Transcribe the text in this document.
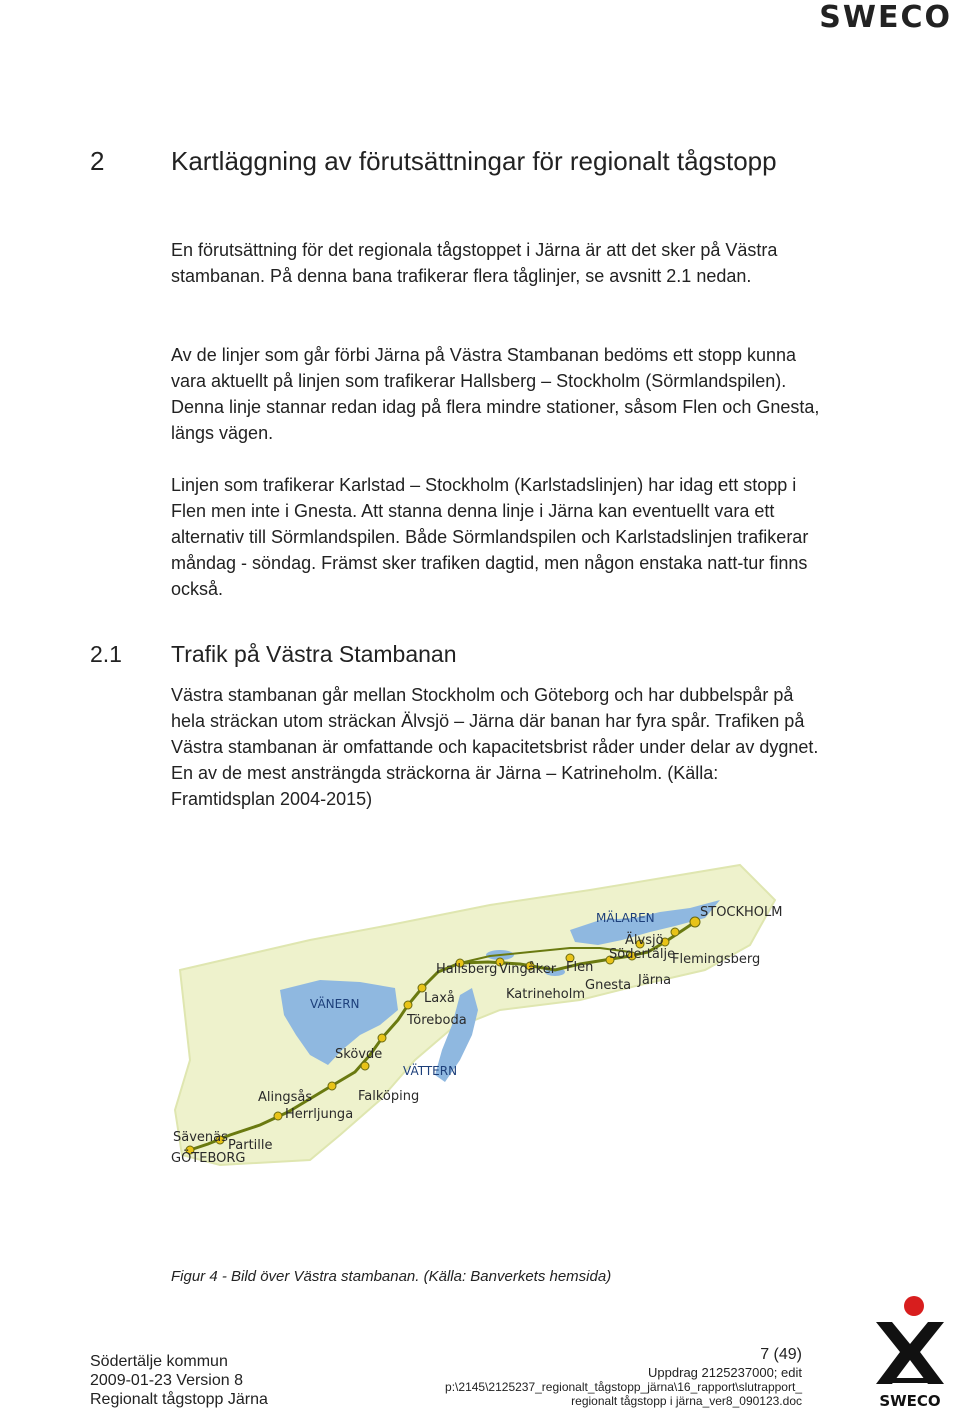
SWECO
2	Kartläggning av förutsättningar för regionalt tågstopp
En förutsättning för det regionala tågstoppet i Järna är att det sker på Västra stambanan. På denna bana trafikerar flera tåglinjer, se avsnitt 2.1 nedan.
Av de linjer som går förbi Järna på Västra Stambanan bedöms ett stopp kunna vara aktuellt på linjen som trafikerar Hallsberg – Stockholm (Sörmlandspilen). Denna linje stannar redan idag på flera mindre stationer, såsom Flen och Gnesta, längs vägen.
Linjen som trafikerar Karlstad – Stockholm (Karlstadslinjen) har idag ett stopp i Flen men inte i Gnesta. Att stanna denna linje i Järna kan eventuellt vara ett alternativ till Sörmlandspilen. Både Sörmlandspilen och Karlstadslinjen trafikerar måndag - söndag. Främst sker trafiken dagtid, men någon enstaka natt-tur finns också.
2.1 Trafik på Västra Stambanan
Västra stambanan går mellan Stockholm och Göteborg och har dubbelspår på hela sträckan utom sträckan Älvsjö – Järna där banan har fyra spår. Trafiken på Västra stambanan är omfattande och kapacitetsbrist råder under delar av dygnet. En av de mest ansträngda sträckorna är Järna – Katrineholm. (Källa: Framtidsplan 2004-2015)
MÄLAREN
VÄNERN
VÄTTERN
STOCKHOLM
Älvsjö
Södertälje
Flemingsberg
Järna
Gnesta
Flen
Katrineholm
Vingåker
Hallsberg
Laxå
Töreboda
Skövde
Falköping
Herrljunga
Alingsås
Sävenäs
Partille
GÖTEBORG
Figur 4 - Bild över Västra stambanan. (Källa: Banverkets hemsida)
Södertälje kommun
2009-01-23 Version 8
Regionalt tågstopp Järna
7 (49)
Uppdrag 2125237000; edit
p:\2145\2125237_regionalt_tågstopp_järna\16_rapport\slutrapport_
regionalt tågstopp i järna_ver8_090123.doc	SWECO
